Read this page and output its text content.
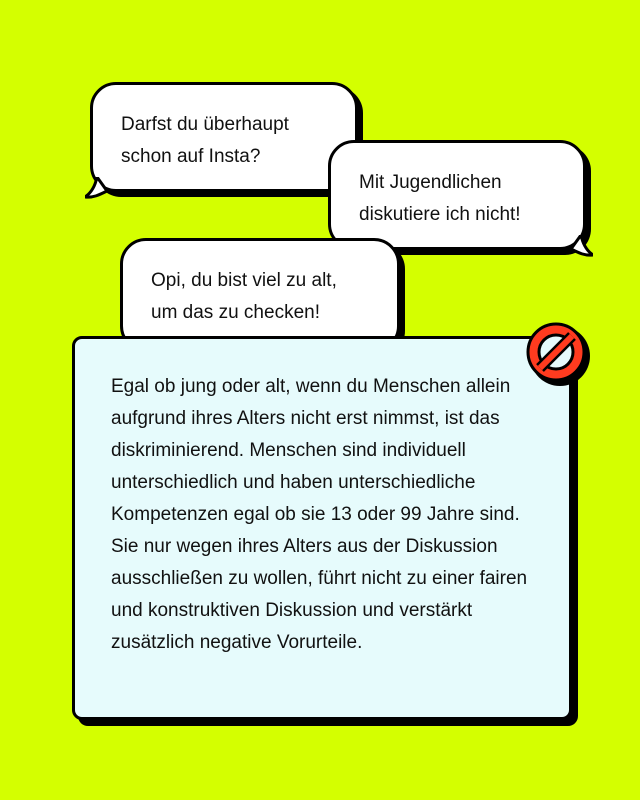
Darfst du überhaupt
schon auf Insta?

Mit Jugendlichen
diskutiere ich nicht!

Opi, du bist viel zu alt,
um das zu checken!

Egal ob jung oder alt, wenn du Menschen allein aufgrund ihres Alters nicht erst nimmst, ist das diskriminierend. Menschen sind individuell unterschiedlich und haben unterschiedliche Kompetenzen egal ob sie 13 oder 99 Jahre sind. Sie nur wegen ihres Alters aus der Diskussion ausschließen zu wollen, führt nicht zu einer fairen und konstruktiven Diskussion und verstärkt zusätzlich negative Vorurteile.
